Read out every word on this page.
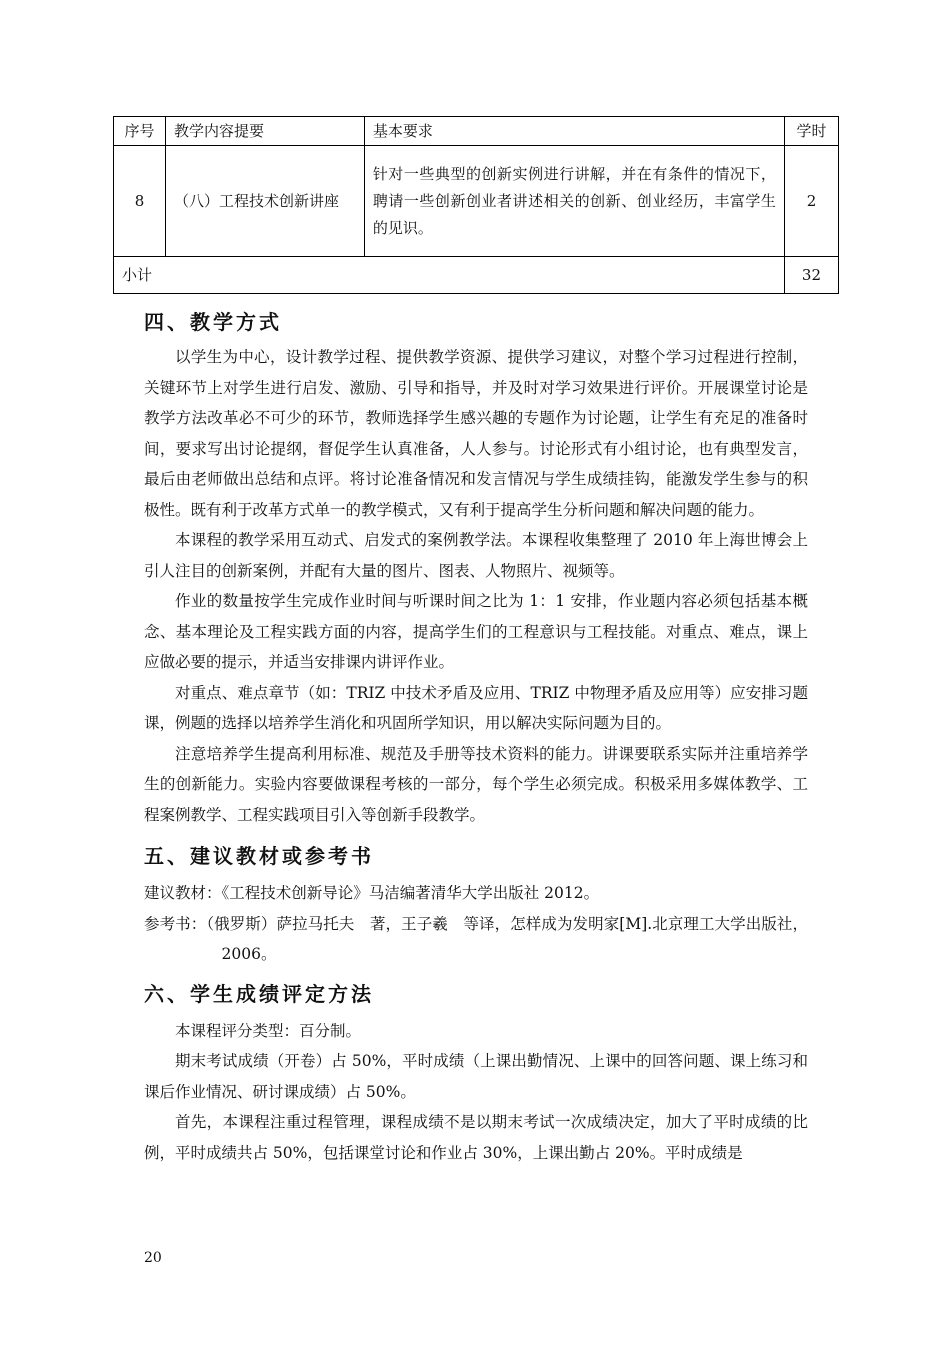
序号	教学内容提要	基本要求	学时
8	（八）工程技术创新讲座	针对一些典型的创新实例进行讲解，并在有条件的情况下，聘请一些创新创业者讲述相关的创新、创业经历，丰富学生的见识。	2
小计			32
四、教学方式

以学生为中心，设计教学过程、提供教学资源、提供学习建议，对整个学习过程进行控制，关键环节上对学生进行启发、激励、引导和指导，并及时对学习效果进行评价。开展课堂讨论是教学方法改革必不可少的环节，教师选择学生感兴趣的专题作为讨论题，让学生有充足的准备时间，要求写出讨论提纲，督促学生认真准备，人人参与。讨论形式有小组讨论，也有典型发言，最后由老师做出总结和点评。将讨论准备情况和发言情况与学生成绩挂钩，能激发学生参与的积极性。既有利于改革方式单一的教学模式，又有利于提高学生分析问题和解决问题的能力。

本课程的教学采用互动式、启发式的案例教学法。本课程收集整理了 2010 年上海世博会上引人注目的创新案例，并配有大量的图片、图表、人物照片、视频等。

作业的数量按学生完成作业时间与听课时间之比为 1：1 安排，作业题内容必须包括基本概念、基本理论及工程实践方面的内容，提高学生们的工程意识与工程技能。对重点、难点，课上应做必要的提示，并适当安排课内讲评作业。

对重点、难点章节（如：TRIZ 中技术矛盾及应用、TRIZ 中物理矛盾及应用等）应安排习题课，例题的选择以培养学生消化和巩固所学知识，用以解决实际问题为目的。

注意培养学生提高利用标准、规范及手册等技术资料的能力。讲课要联系实际并注重培养学生的创新能力。实验内容要做课程考核的一部分，每个学生必须完成。积极采用多媒体教学、工程案例教学、工程实践项目引入等创新手段教学。

五、建议教材或参考书

建议教材：《工程技术创新导论》马洁编著清华大学出版社 2012。

参考书：（俄罗斯）萨拉马托夫　著，王子羲　等译，怎样成为发明家[M].北京理工大学出版社，2006。

六、学生成绩评定方法

本课程评分类型：百分制。

期末考试成绩（开卷）占 50%，平时成绩（上课出勤情况、上课中的回答问题、课上练习和课后作业情况、研讨课成绩）占 50%。

首先，本课程注重过程管理，课程成绩不是以期末考试一次成绩决定，加大了平时成绩的比例，平时成绩共占 50%，包括课堂讨论和作业占 30%，上课出勤占 20%。平时成绩是

20
